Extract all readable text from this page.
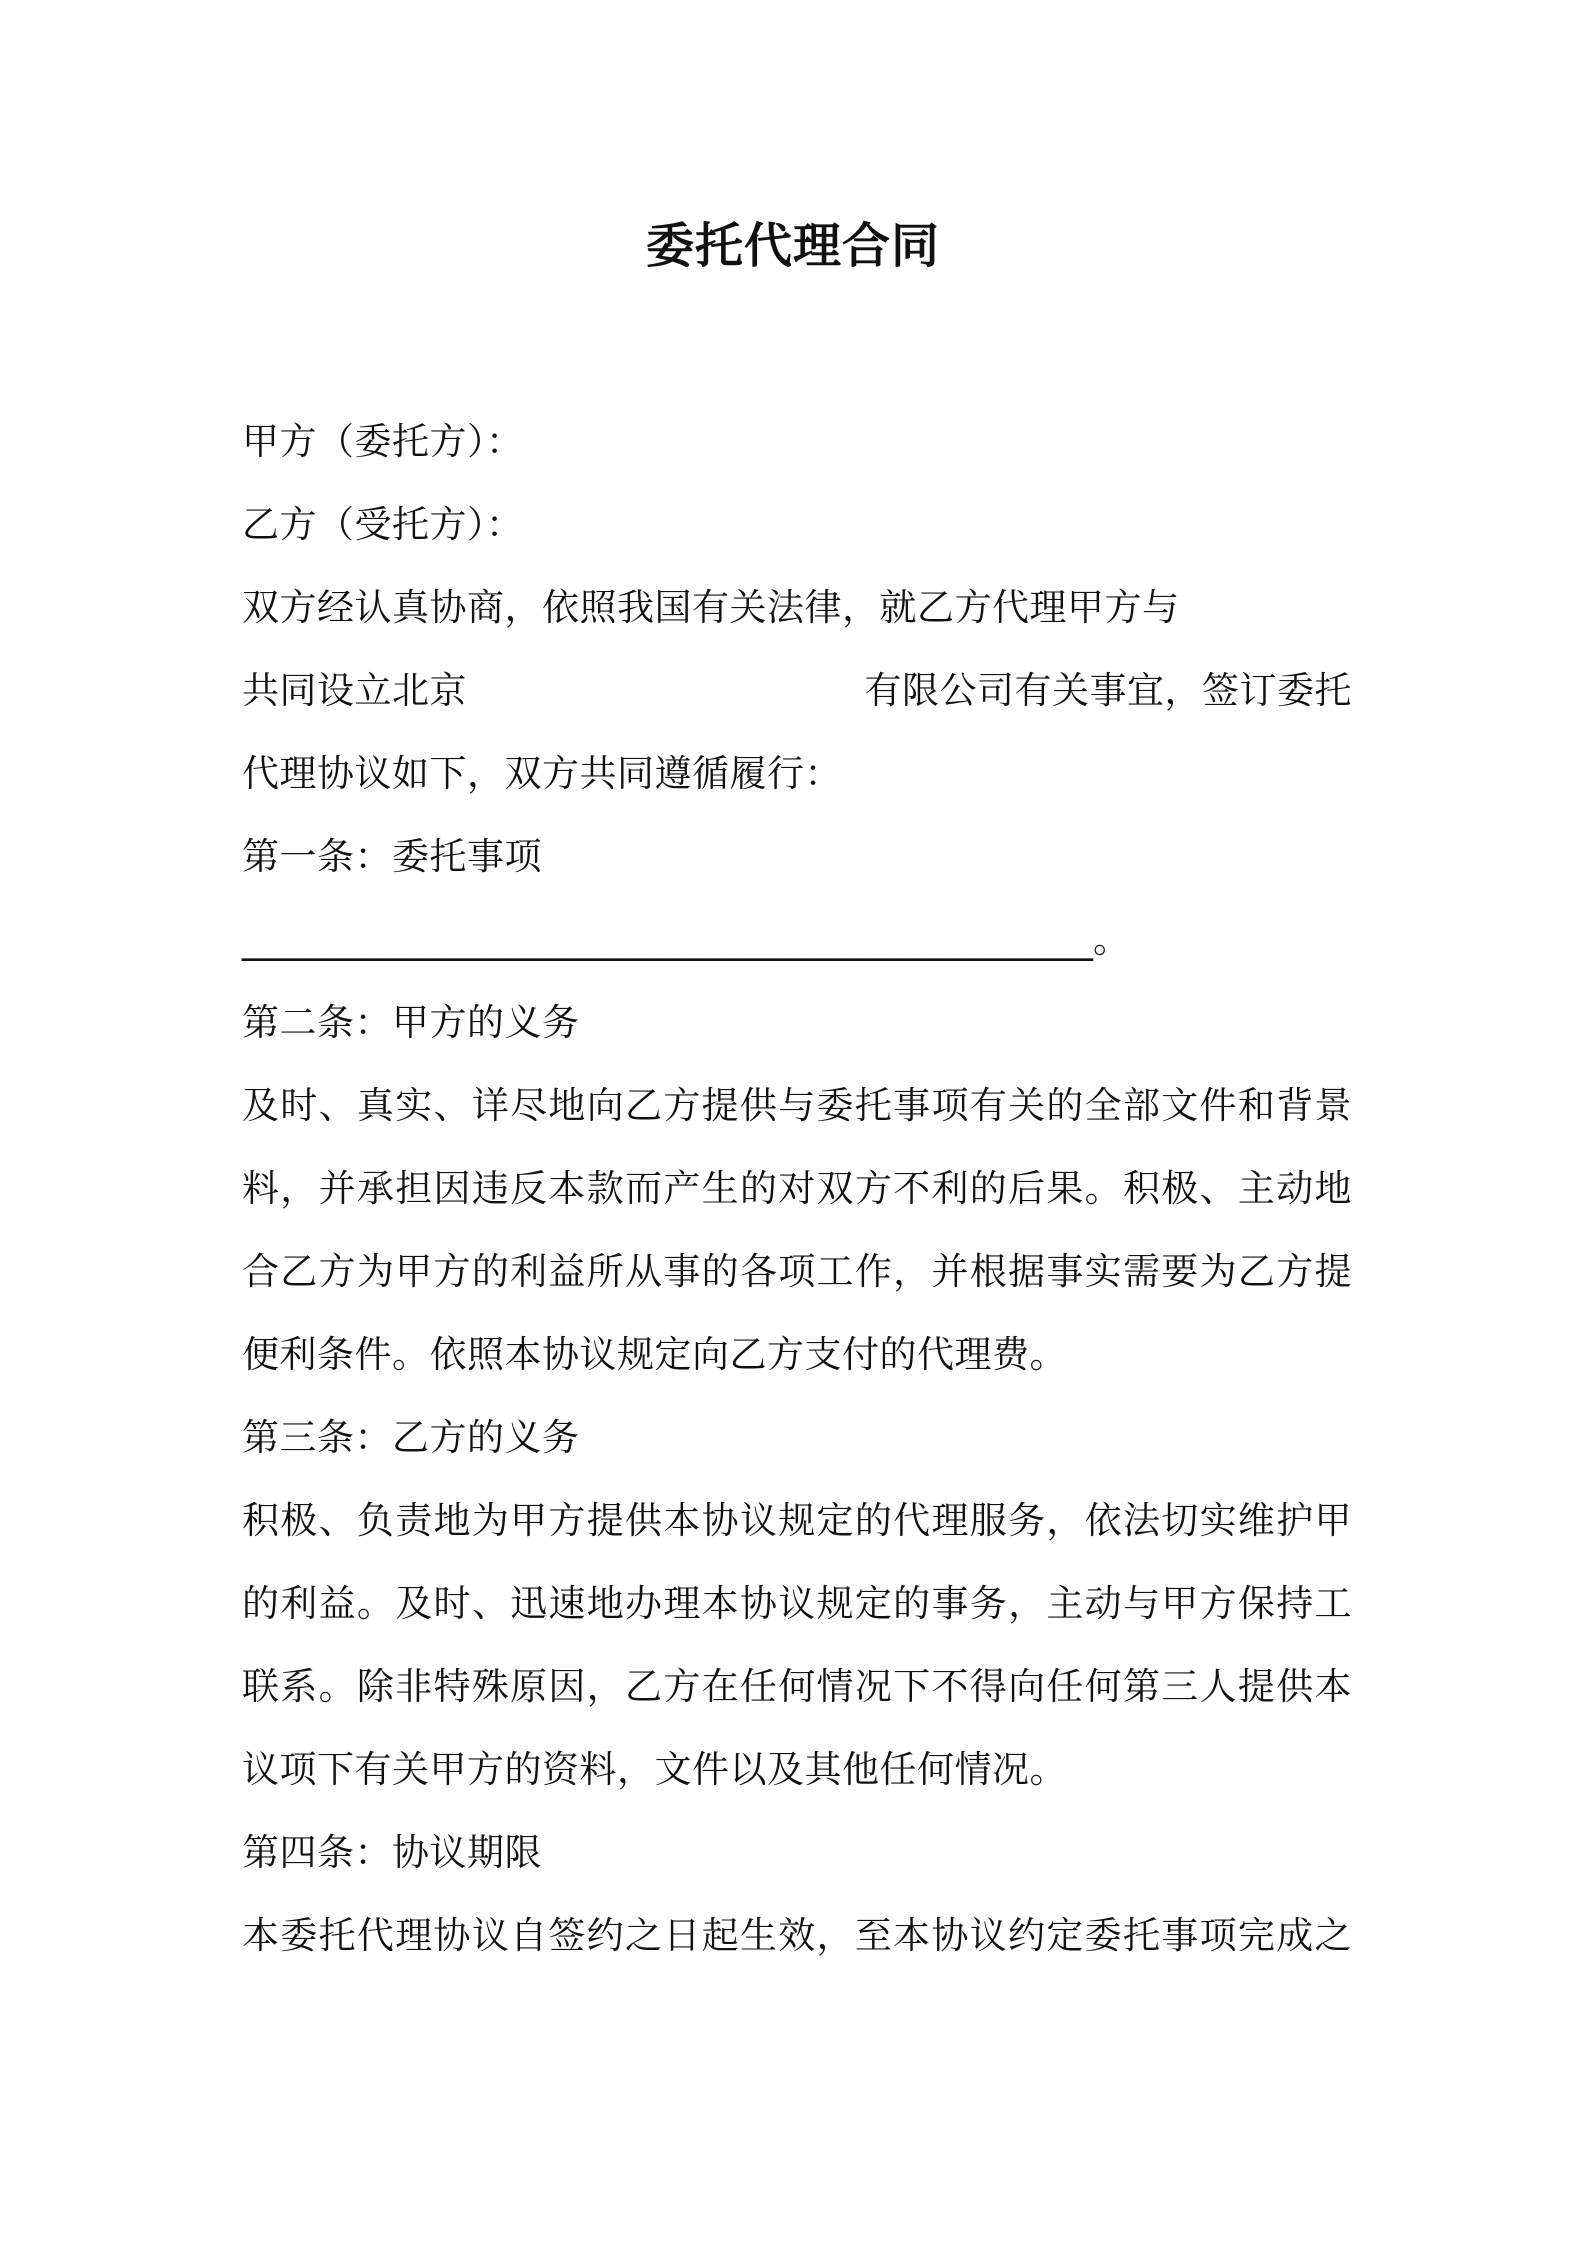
委托代理合同
甲方（委托方）：
乙方（受托方）：
双方经认真协商，依照我国有关法律，就乙方代理甲方与
共同设立北京	有限公司有关事宜，签订委托
代理协议如下，双方共同遵循履行：
第一条：委托事项
______________________________________________。
第二条：甲方的义务
及时、真实、详尽地向乙方提供与委托事项有关的全部文件和背景
料，并承担因违反本款而产生的对双方不利的后果。积极、主动地
合乙方为甲方的利益所从事的各项工作，并根据事实需要为乙方提
便利条件。依照本协议规定向乙方支付的代理费。
第三条：乙方的义务
积极、负责地为甲方提供本协议规定的代理服务，依法切实维护甲
的利益。及时、迅速地办理本协议规定的事务，主动与甲方保持工
联系。除非特殊原因，乙方在任何情况下不得向任何第三人提供本
议项下有关甲方的资料，文件以及其他任何情况。
第四条：协议期限
本委托代理协议自签约之日起生效，至本协议约定委托事项完成之
